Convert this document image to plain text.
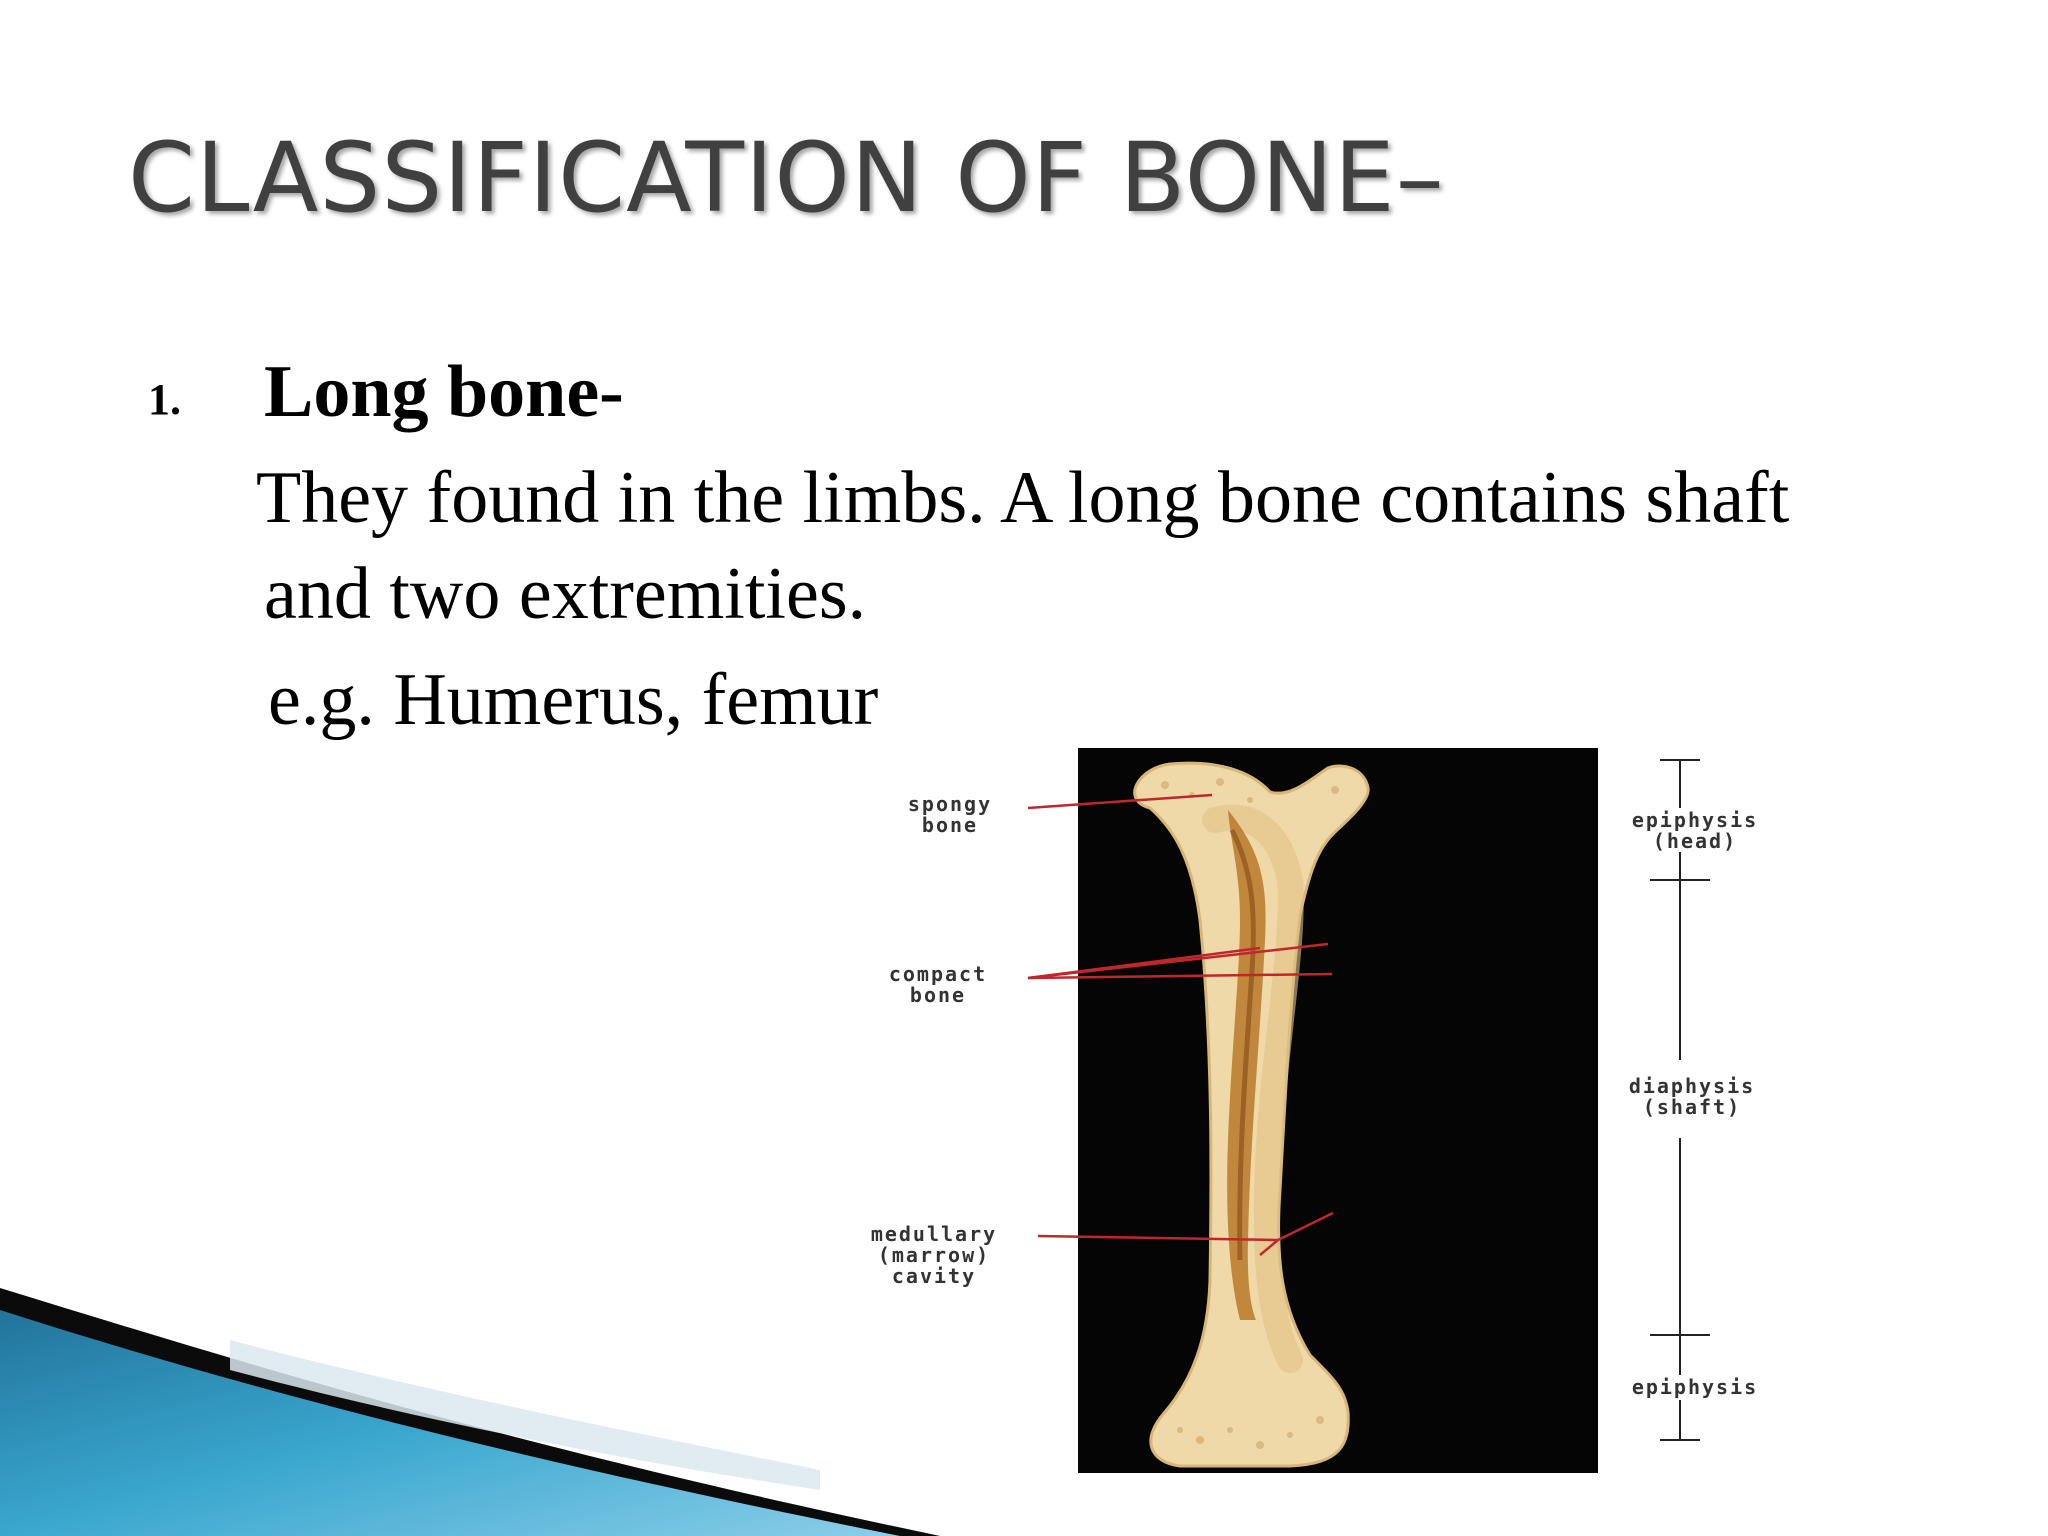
CLASSIFICATION OF BONE–
1. Long bone-
They found in the limbs. A long bone contains shaft
and two extremities.
e.g. Humerus, femur
spongy
bone
compact
bone
medullary
(marrow)
cavity
epiphysis
(head)
diaphysis
(shaft)
epiphysis
